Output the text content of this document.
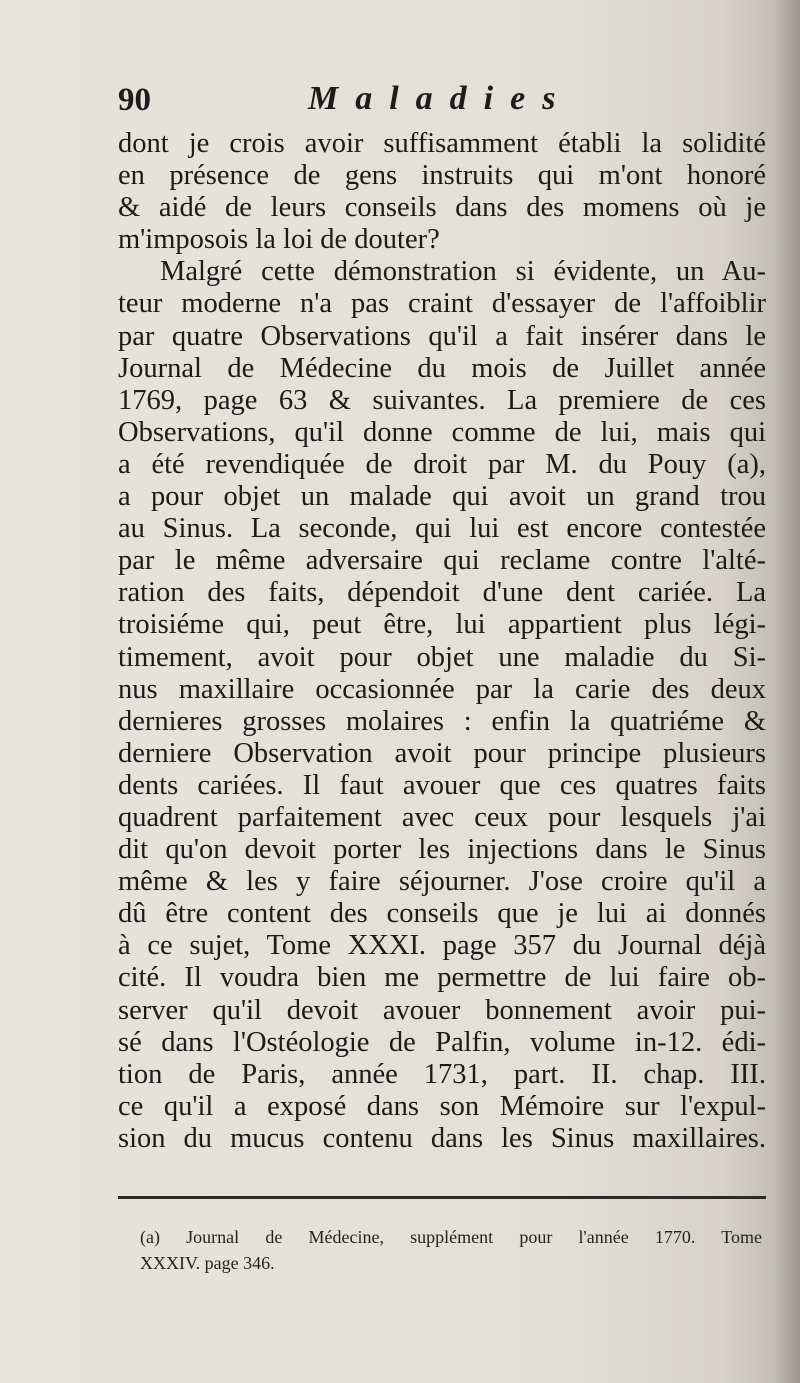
90	Maladies
dont je crois avoir suffisamment établi la solidité
en présence de gens instruits qui m'ont honoré
& aidé de leurs conseils dans des momens où je
m'imposois la loi de douter?
Malgré cette démonstration si évidente, un Au-
teur moderne n'a pas craint d'essayer de l'affoiblir
par quatre Observations qu'il a fait insérer dans le
Journal de Médecine du mois de Juillet année
1769, page 63 & suivantes. La premiere de ces
Observations, qu'il donne comme de lui, mais qui
a été revendiquée de droit par M. du Pouy (a),
a pour objet un malade qui avoit un grand trou
au Sinus. La seconde, qui lui est encore contestée
par le même adversaire qui reclame contre l'alté-
ration des faits, dépendoit d'une dent cariée. La
troisiéme qui, peut être, lui appartient plus légi-
timement, avoit pour objet une maladie du Si-
nus maxillaire occasionnée par la carie des deux
dernieres grosses molaires : enfin la quatriéme &
derniere Observation avoit pour principe plusieurs
dents cariées. Il faut avouer que ces quatres faits
quadrent parfaitement avec ceux pour lesquels j'ai
dit qu'on devoit porter les injections dans le Sinus
même & les y faire séjourner. J'ose croire qu'il a
dû être content des conseils que je lui ai donnés
à ce sujet, Tome XXXI. page 357 du Journal déjà
cité. Il voudra bien me permettre de lui faire ob-
server qu'il devoit avouer bonnement avoir pui-
sé dans l'Ostéologie de Palfin, volume in-12. édi-
tion de Paris, année 1731, part. II. chap. III.
ce qu'il a exposé dans son Mémoire sur l'expul-
sion du mucus contenu dans les Sinus maxillaires.
(a) Journal de Médecine, supplément pour l'année 1770. Tome
XXXIV. page 346.
